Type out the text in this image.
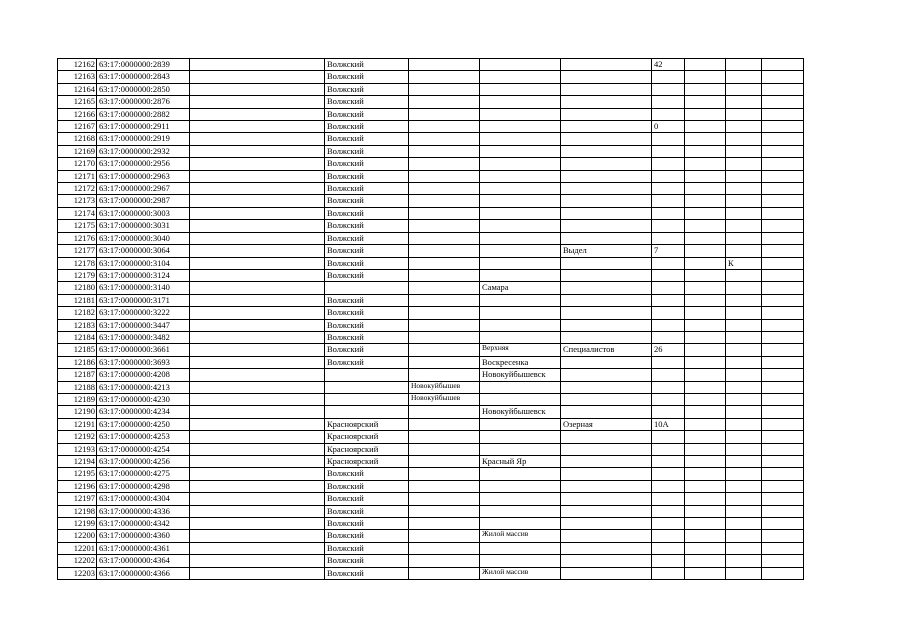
12162	63:17:0000000:2839		Волжский				42			
12163	63:17:0000000:2843		Волжский							
12164	63:17:0000000:2850		Волжский							
12165	63:17:0000000:2876		Волжский							
12166	63:17:0000000:2882		Волжский							
12167	63:17:0000000:2911		Волжский				0			
12168	63:17:0000000:2919		Волжский							
12169	63:17:0000000:2932		Волжский							
12170	63:17:0000000:2956		Волжский							
12171	63:17:0000000:2963		Волжский							
12172	63:17:0000000:2967		Волжский							
12173	63:17:0000000:2987		Волжский							
12174	63:17:0000000:3003		Волжский							
12175	63:17:0000000:3031		Волжский							
12176	63:17:0000000:3040		Волжский							
12177	63:17:0000000:3064		Волжский			Выдел	7			
12178	63:17:0000000:3104		Волжский						К	
12179	63:17:0000000:3124		Волжский							
12180	63:17:0000000:3140				Самара					
12181	63:17:0000000:3171		Волжский							
12182	63:17:0000000:3222		Волжский							
12183	63:17:0000000:3447		Волжский							
12184	63:17:0000000:3482		Волжский							
12185	63:17:0000000:3661		Волжский		Верхняя	Специалистов	26			
12186	63:17:0000000:3693		Волжский		Воскресенка					
12187	63:17:0000000:4208				Новокуйбышевск					
12188	63:17:0000000:4213			Новокуйбышев						
12189	63:17:0000000:4230			Новокуйбышев						
12190	63:17:0000000:4234				Новокуйбышевск					
12191	63:17:0000000:4250		Красноярский			Озерная	10А			
12192	63:17:0000000:4253		Красноярский							
12193	63:17:0000000:4254		Красноярский							
12194	63:17:0000000:4256		Красноярский		Красный Яр					
12195	63:17:0000000:4275		Волжский							
12196	63:17:0000000:4298		Волжский							
12197	63:17:0000000:4304		Волжский							
12198	63:17:0000000:4336		Волжский							
12199	63:17:0000000:4342		Волжский							
12200	63:17:0000000:4360		Волжский		Жилой массив					
12201	63:17:0000000:4361		Волжский							
12202	63:17:0000000:4364		Волжский							
12203	63:17:0000000:4366		Волжский		Жилой массив					
